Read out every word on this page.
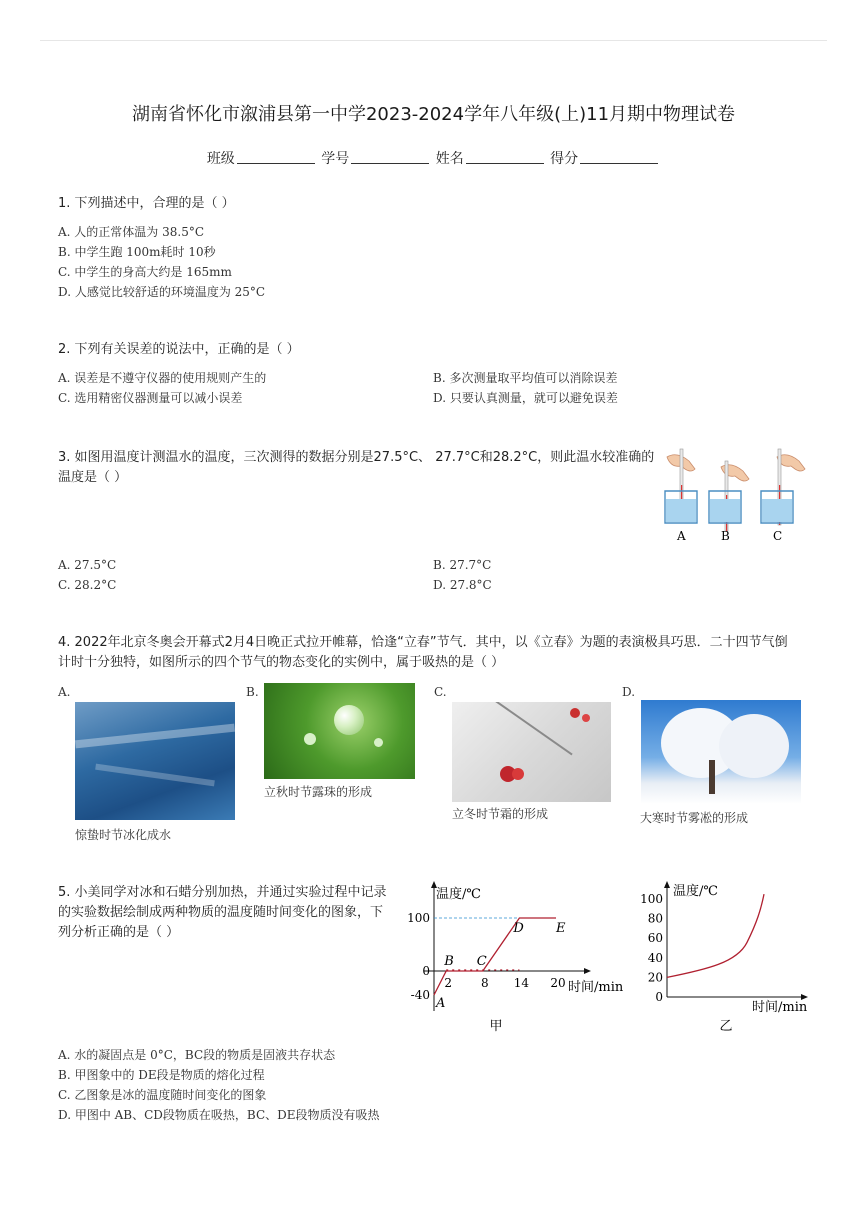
湖南省怀化市溆浦县第一中学2023-2024学年八年级(上)11月期中物理试卷
班级	学号	姓名	得分
1. 下列描述中，合理的是（ ）
A. 人的正常体温为 38.5°C
B. 中学生跑 100m耗时 10秒
C. 中学生的身高大约是 165mm
D. 人感觉比较舒适的环境温度为 25°C
2. 下列有关误差的说法中，正确的是（ ）
A. 误差是不遵守仪器的使用规则产生的	B. 多次测量取平均值可以消除误差
C. 选用精密仪器测量可以减小误差	D. 只要认真测量，就可以避免误差
3. 如图用温度计测温水的温度，三次测得的数据分别是27.5°C、 27.7°C和28.2°C，则此温水较准确的
温度是（ ）
A	B	C
A. 27.5°C	B. 27.7°C
C. 28.2°C	D. 27.8°C
4. 2022年北京冬奥会开幕式2月4日晚正式拉开帷幕，恰逢“立春”节气．其中，以《立春》为题的表演极具巧思．二十四节气倒
计时十分独特，如图所示的四个节气的物态变化的实例中，属于吸热的是（ ）
A.
惊蛰时节冰化成水
B.
立秋时节露珠的形成
C.
立冬时节霜的形成
D.
大寒时节雾凇的形成
5. 小美同学对冰和石蜡分别加热，并通过实验过程中记录
的实验数据绘制成两种物质的温度随时间变化的图象，下
列分析正确的是（ ）
温度/℃
时间/min
-40
0
100
2 8 14 20
A
B C
D E
甲
温度/℃
时间/min
0
20
40
60
80
100
乙
A. 水的凝固点是 0°C，BC段的物质是固液共存状态
B. 甲图象中的 DE段是物质的熔化过程
C. 乙图象是冰的温度随时间变化的图象
D. 甲图中 AB、CD段物质在吸热，BC、DE段物质没有吸热
